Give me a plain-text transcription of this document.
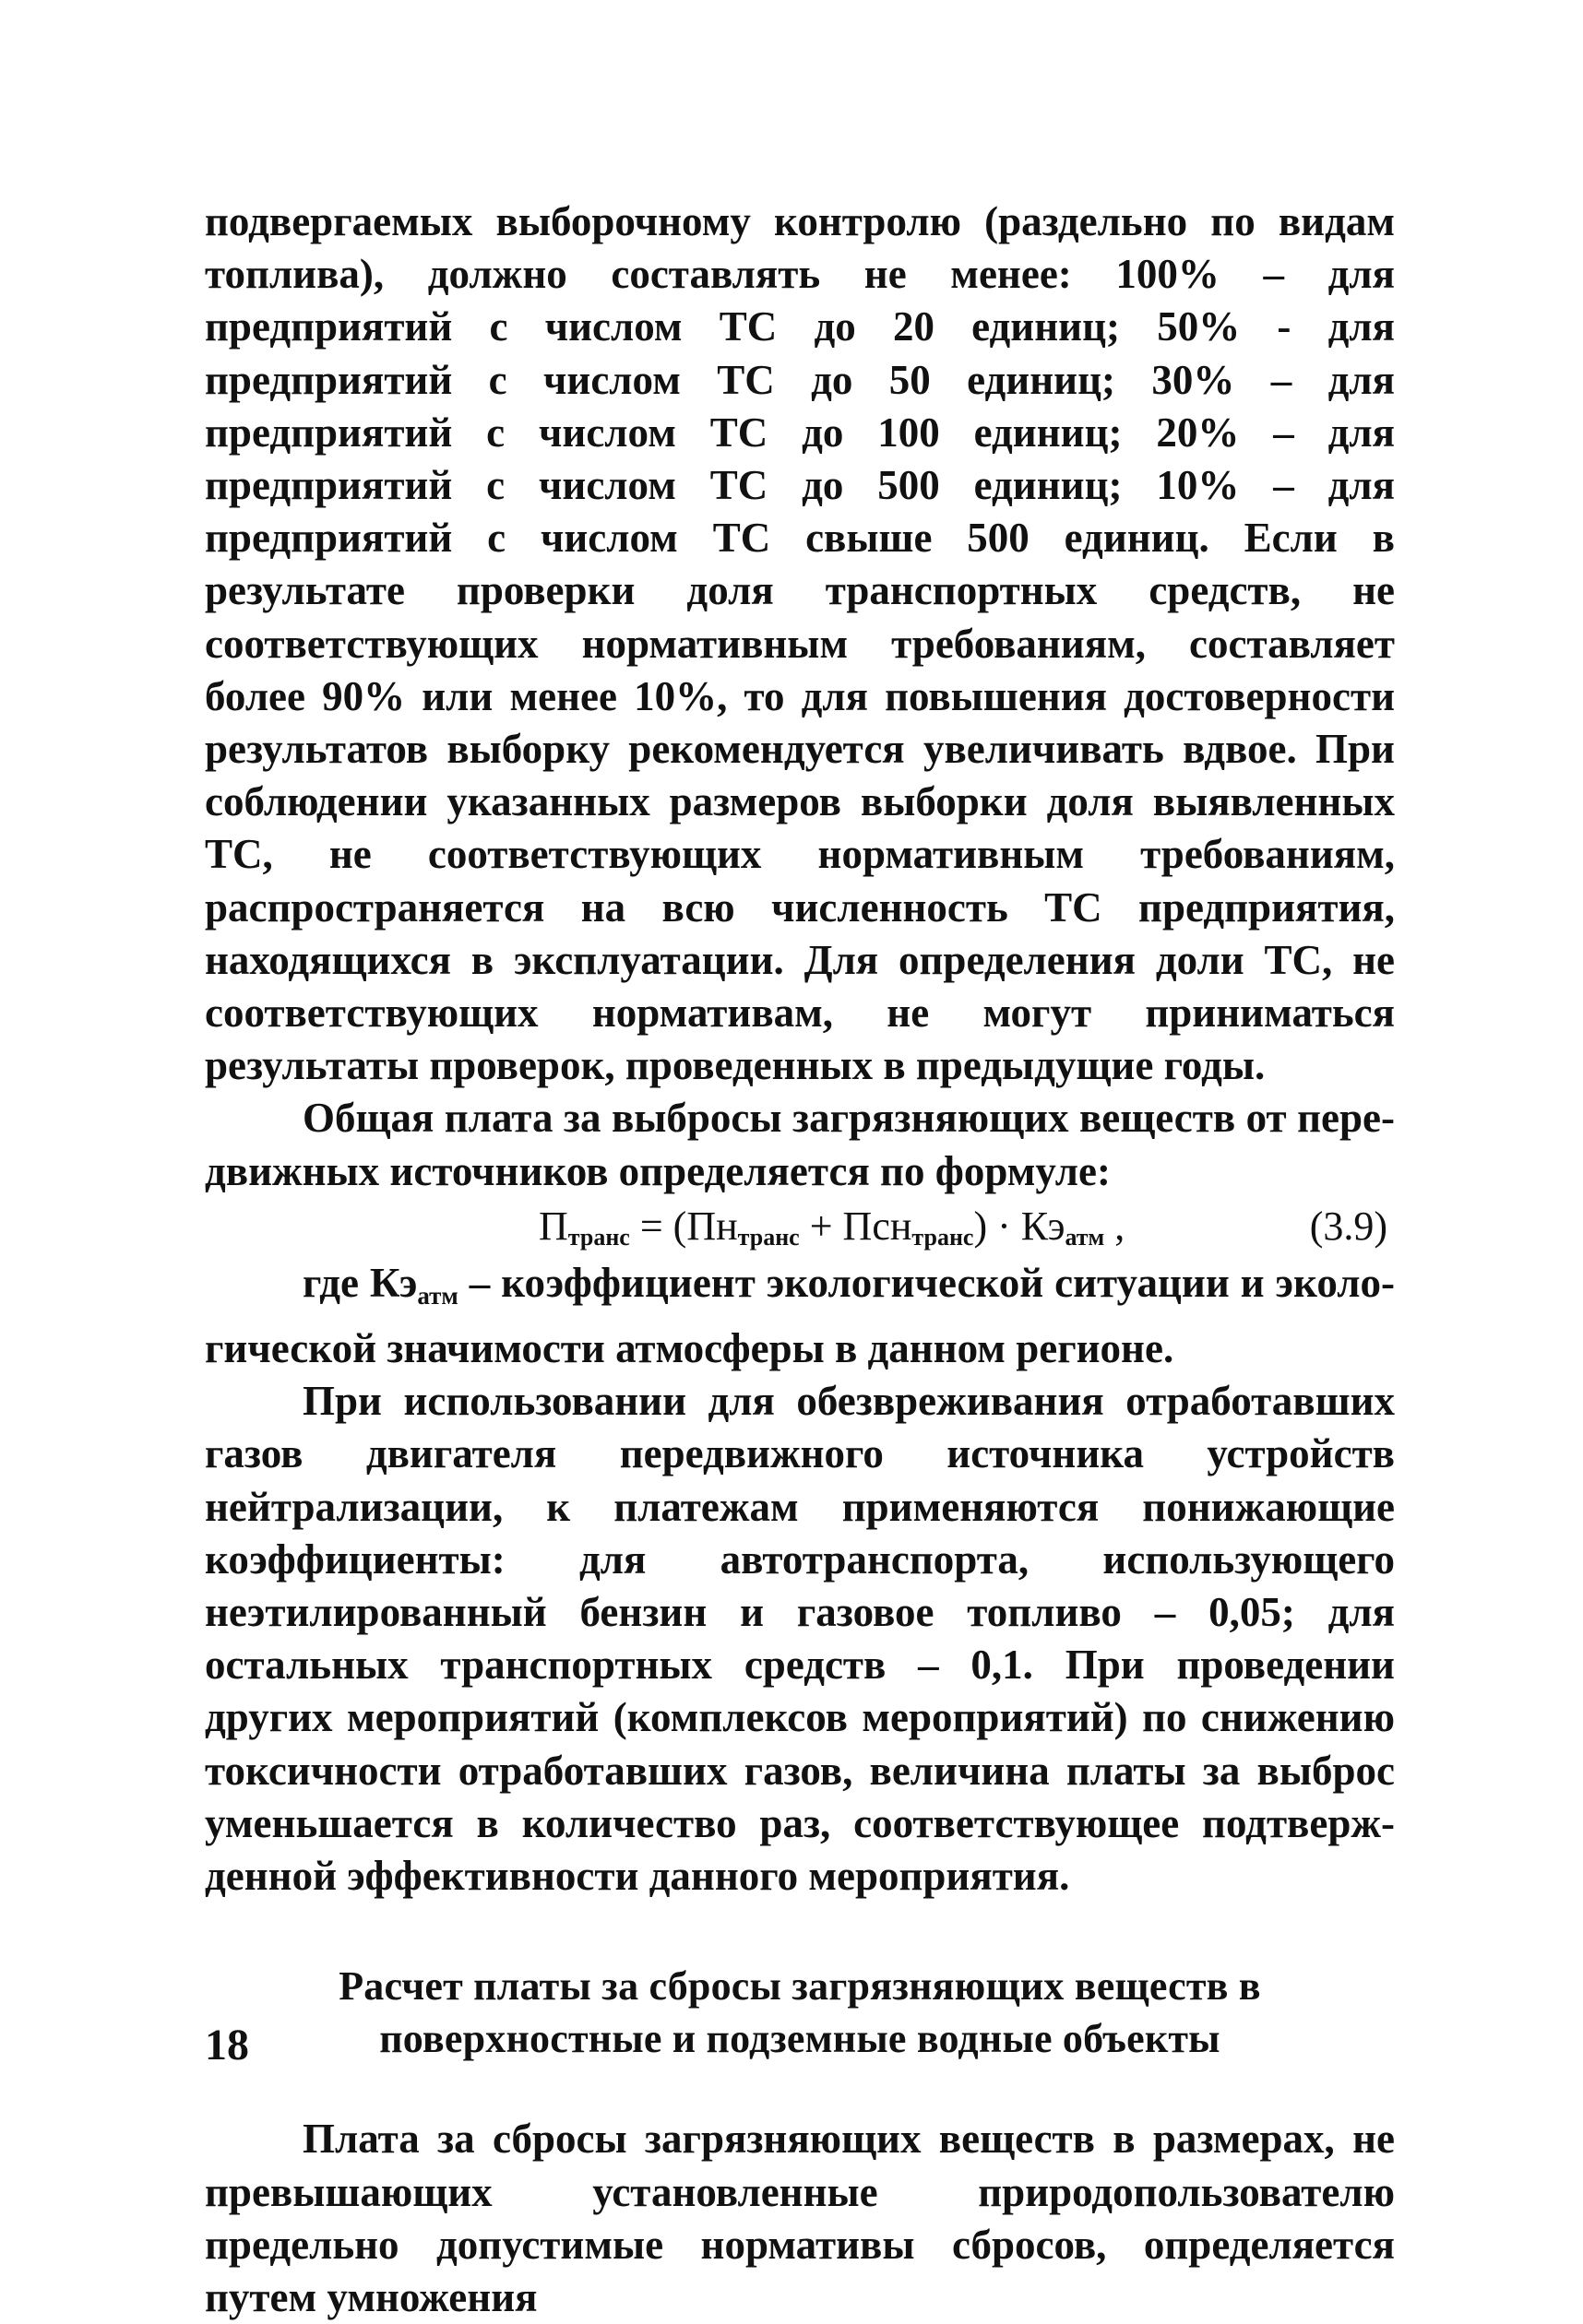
подвергаемых выборочному контролю (раздельно по видам топлива), должно составлять не менее: 100% – для предприятий с числом ТС до 20 единиц; 50% - для предприятий с числом ТС до 50 единиц; 30% – для предприятий с числом ТС до 100 единиц; 20% – для предприятий с числом ТС до 500 единиц; 10% – для предприятий с числом ТС свыше 500 единиц. Если в результате проверки доля транспортных средств, не соответствующих нормативным требованиям, составляет более 90% или менее 10%, то для повышения достоверности результатов выборку рекомендуется увеличивать вдвое. При соблюдении указанных размеров выборки доля выявленных ТС, не соответствующих нормативным требованиям, распространяется на всю численность ТС предприятия, находящихся в эксплуатации. Для определения доли ТС, не соответствующих нормативам, не могут приниматься результаты проверок, проведенных в предыдущие годы.

Общая плата за выбросы загрязняющих веществ от передвижных источников определяется по формуле:

$П_{транс} = (Пн_{транс} + Псн_{транс}) \cdot Кэ_{атм}$ ,	(3.9)

где $Кэ_{атм}$ – коэффициент экологической ситуации и экологической значимости атмосферы в данном регионе.

При использовании для обезвреживания отработавших газов двигателя передвижного источника устройств нейтрализации, к платежам применяются понижающие коэффициенты: для автотранспорта, использующего неэтилированный бензин и газовое топливо – 0,05; для остальных транспортных средств – 0,1. При проведении других мероприятий (комплексов мероприятий) по снижению токсичности отработавших газов, величина платы за выброс уменьшается в количество раз, соответствующее подтвержденной эффективности данного мероприятия.

Расчет платы за сбросы загрязняющих веществ в
поверхностные и подземные водные объекты

Плата за сбросы загрязняющих веществ в размерах, не превышающих установленные природопользователю предельно допустимые нормативы сбросов, определяется путем умножения

18
